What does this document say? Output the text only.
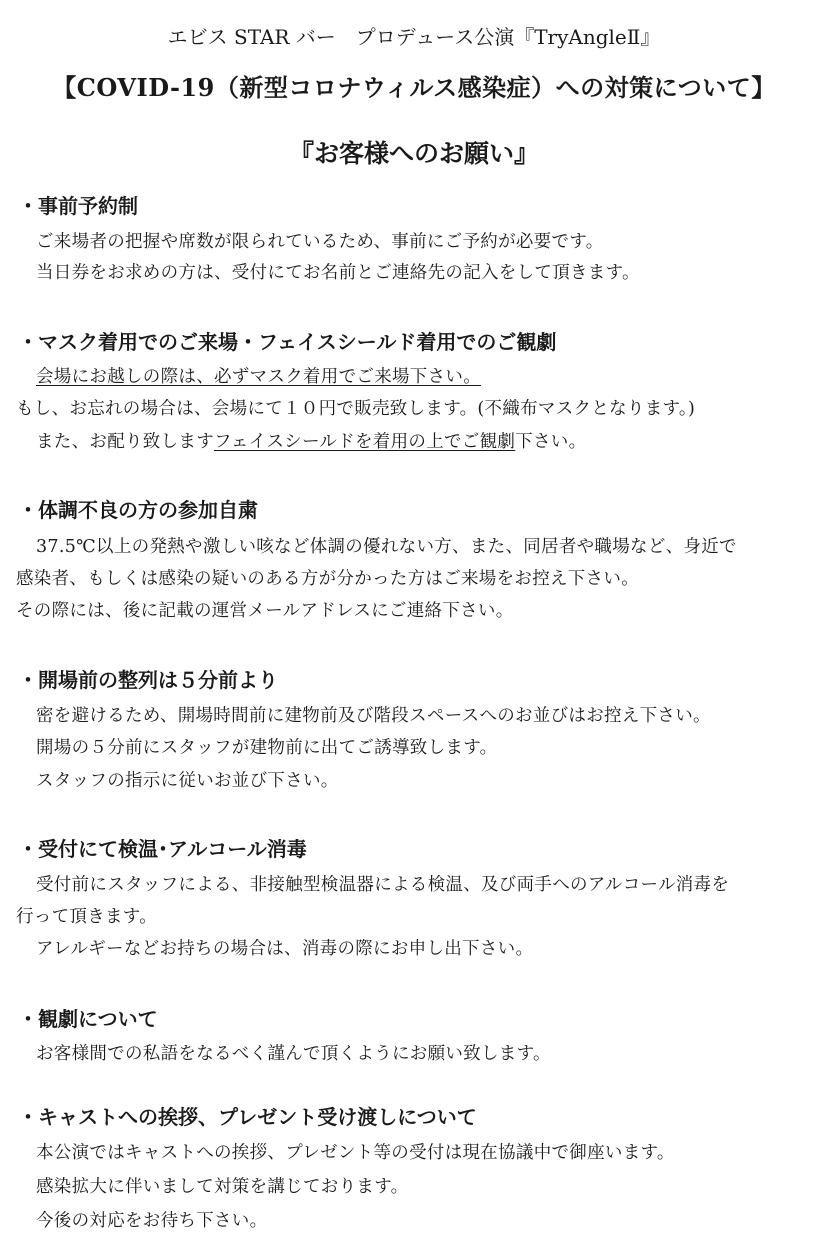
エビス STAR バー　プロデュース公演『TryAngleⅡ』
【COVID-19（新型コロナウィルス感染症）への対策について】
『お客様へのお願い』
・事前予約制
ご来場者の把握や席数が限られているため、事前にご予約が必要です。
当日券をお求めの方は、受付にてお名前とご連絡先の記入をして頂きます。
・マスク着用でのご来場・フェイスシールド着用でのご観劇
会場にお越しの際は、必ずマスク着用でご来場下さい。
もし、お忘れの場合は、会場にて１０円で販売致します。(不織布マスクとなります。)
また、お配り致しますフェイスシールドを着用の上でご観劇下さい。
・体調不良の方の参加自粛
37.5℃以上の発熱や激しい咳など体調の優れない方、また、同居者や職場など、身近で
感染者、もしくは感染の疑いのある方が分かった方はご来場をお控え下さい。
その際には、後に記載の運営メールアドレスにご連絡下さい。
・開場前の整列は５分前より
密を避けるため、開場時間前に建物前及び階段スペースへのお並びはお控え下さい。
開場の５分前にスタッフが建物前に出てご誘導致します。
スタッフの指示に従いお並び下さい。
・受付にて検温･アルコール消毒
受付前にスタッフによる、非接触型検温器による検温、及び両手へのアルコール消毒を
行って頂きます。
アレルギーなどお持ちの場合は、消毒の際にお申し出下さい。
・観劇について
お客様間での私語をなるべく謹んで頂くようにお願い致します。
・キャストへの挨拶、プレゼント受け渡しについて
本公演ではキャストへの挨拶、プレゼント等の受付は現在協議中で御座います。
感染拡大に伴いまして対策を講じております。
今後の対応をお待ち下さい。
